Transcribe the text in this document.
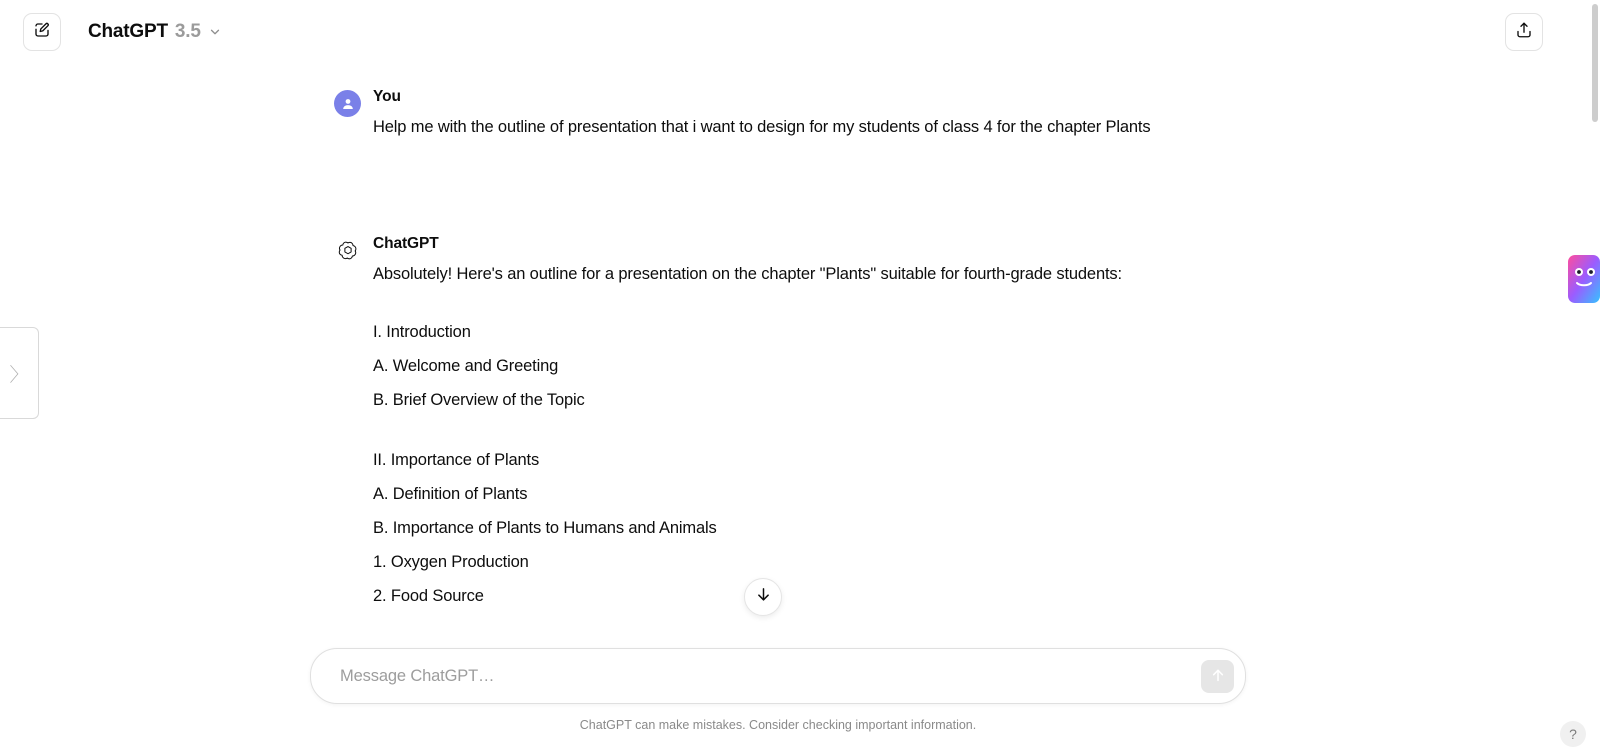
ChatGPT 3.5
〉
You
Help me with the outline of presentation that i want to design for my students of class 4 for the chapter Plants
ChatGPT
Absolutely! Here's an outline for a presentation on the chapter "Plants" suitable for fourth-grade students:
I. Introduction
A. Welcome and Greeting
B. Brief Overview of the Topic
II. Importance of Plants
A. Definition of Plants
B. Importance of Plants to Humans and Animals
1. Oxygen Production
2. Food Source
Message ChatGPT…
ChatGPT can make mistakes. Consider checking important information.
?
